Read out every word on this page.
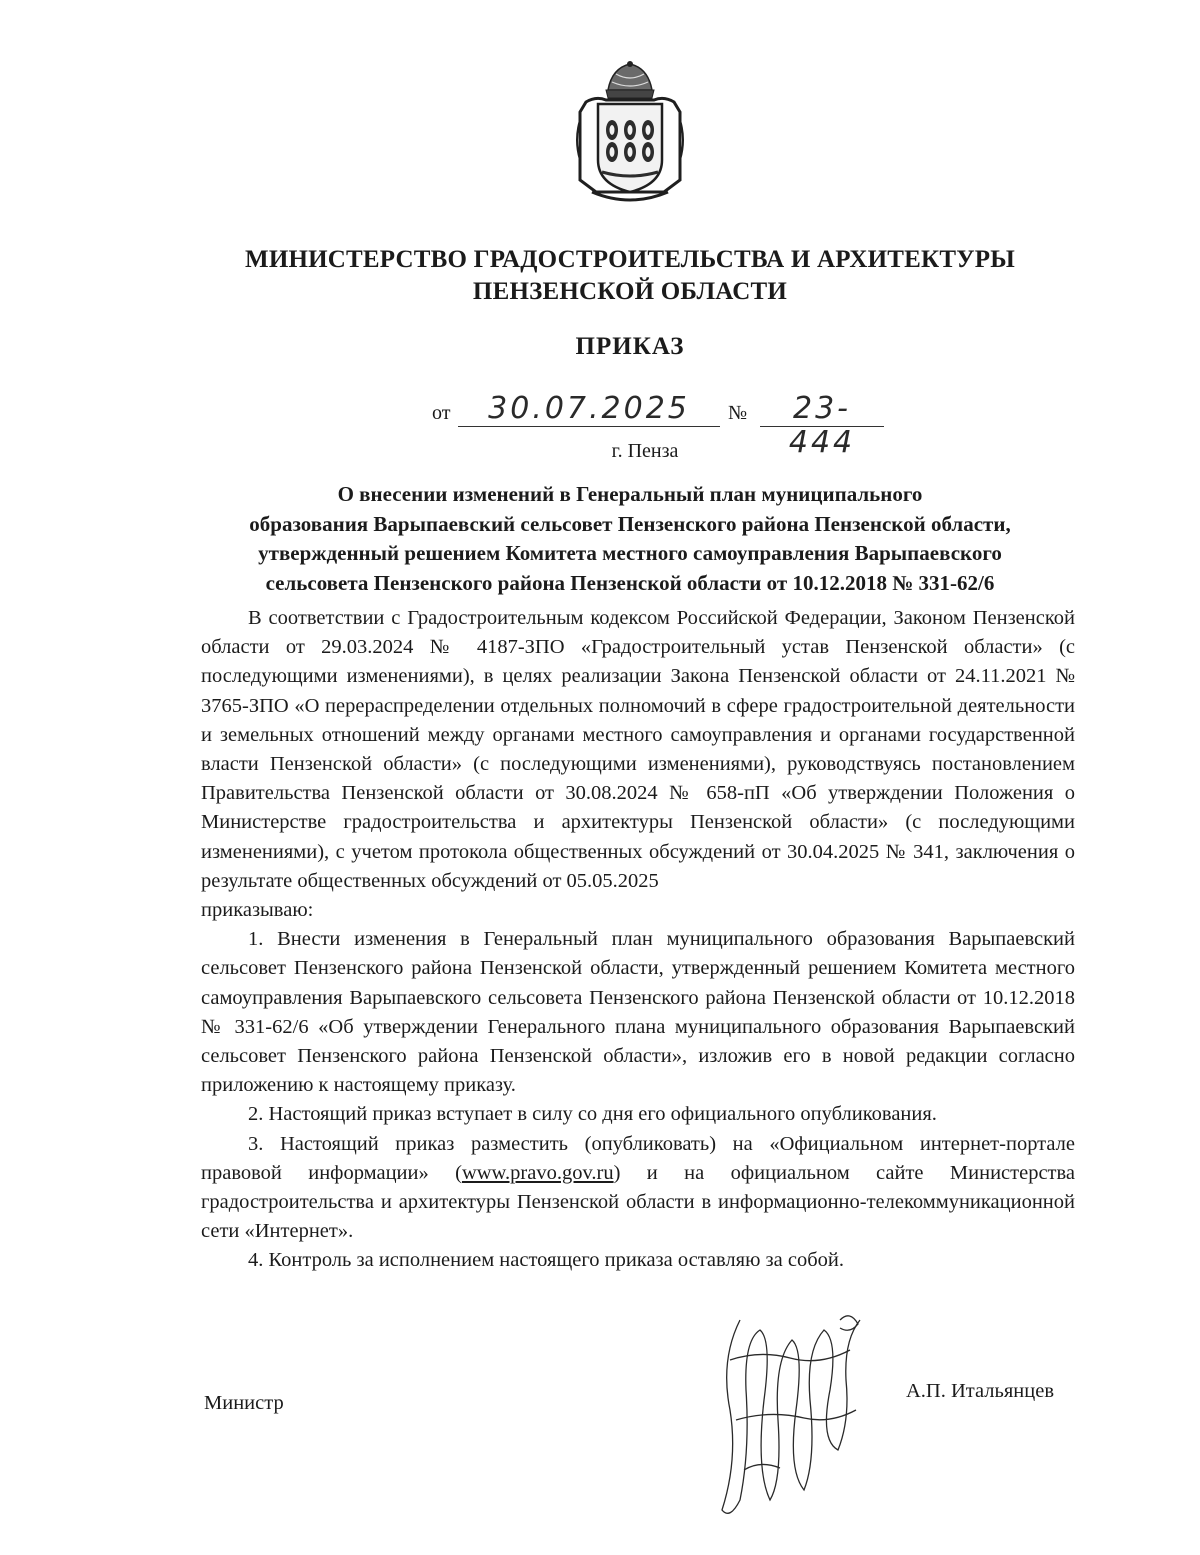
МИНИСТЕРСТВО ГРАДОСТРОИТЕЛЬСТВА И АРХИТЕКТУРЫ
ПЕНЗЕНСКОЙ ОБЛАСТИ
ПРИКАЗ
от	30.07.2025	№	23-444
г. Пенза
О внесении изменений в Генеральный план муниципального
образования Варыпаевский сельсовет Пензенского района Пензенской области,
утвержденный решением Комитета местного самоуправления Варыпаевского
сельсовета Пензенского района Пензенской области от 10.12.2018 № 331-62/6

В соответствии с Градостроительным кодексом Российской Федерации, Законом Пензенской области от 29.03.2024 № 4187-ЗПО «Градостроительный устав Пензенской области» (с последующими изменениями), в целях реализации Закона Пензенской области от 24.11.2021 № 3765-ЗПО «О перераспределении отдельных полномочий в сфере градостроительной деятельности и земельных отношений между органами местного самоуправления и органами государственной власти Пензенской области» (с последующими изменениями), руководствуясь постановлением Правительства Пензенской области от 30.08.2024 № 658-пП «Об утверждении Положения о Министерстве градостроительства и архитектуры Пензенской области» (с последующими изменениями), с учетом протокола общественных обсуждений от 30.04.2025 № 341, заключения о результате общественных обсуждений от 05.05.2025

приказываю:

1. Внести изменения в Генеральный план муниципального образования Варыпаевский сельсовет Пензенского района Пензенской области, утвержденный решением Комитета местного самоуправления Варыпаевского сельсовета Пензенского района Пензенской области от 10.12.2018 № 331-62/6 «Об утверждении Генерального плана муниципального образования Варыпаевский сельсовет Пензенского района Пензенской области», изложив его в новой редакции согласно приложению к настоящему приказу.

2. Настоящий приказ вступает в силу со дня его официального опубликования.

3. Настоящий приказ разместить (опубликовать) на «Официальном интернет-портале правовой информации» (www.pravo.gov.ru) и на официальном сайте Министерства градостроительства и архитектуры Пензенской области в информационно-телекоммуникационной сети «Интернет».

4. Контроль за исполнением настоящего приказа оставляю за собой.

Министр
А.П. Итальянцев
